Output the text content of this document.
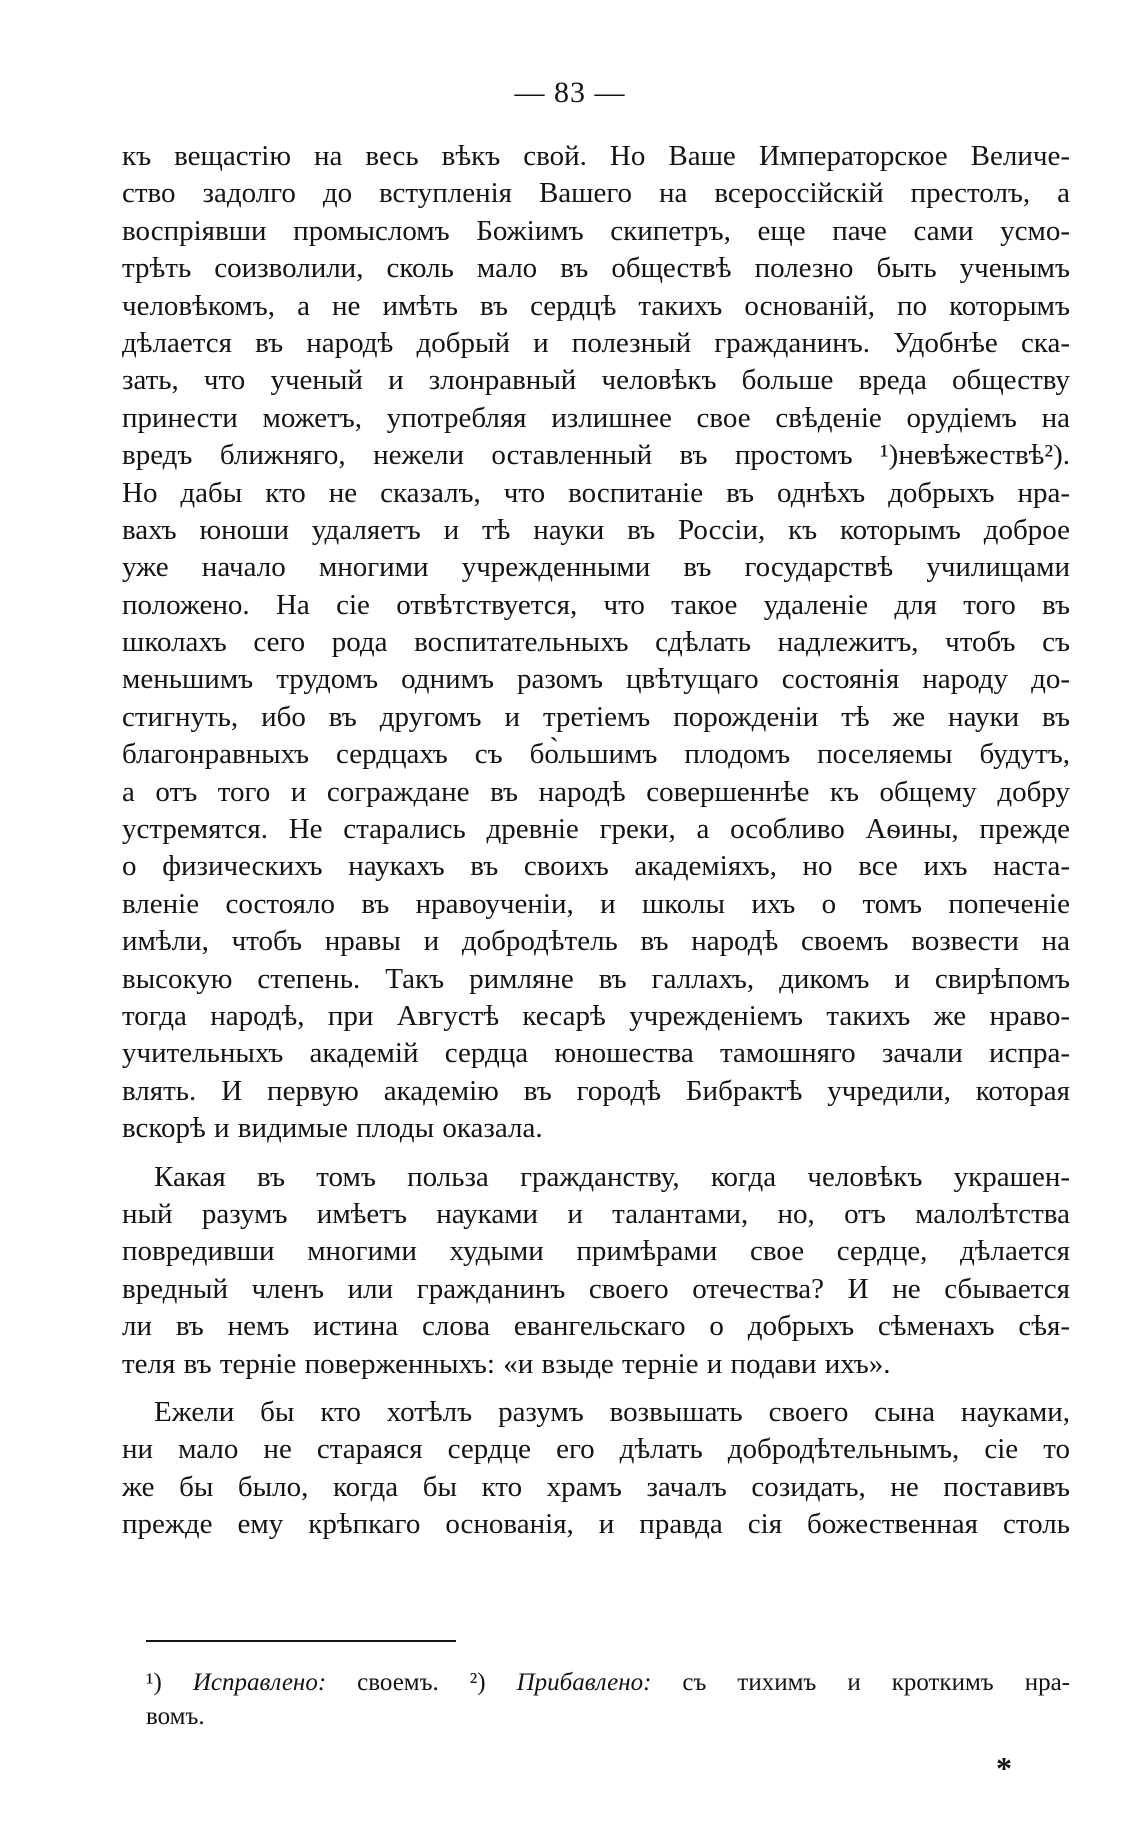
— 83 —
къ вещастію на весь вѣкъ свой. Но Ваше Императорское Величе-
ство задолго до вступленія Вашего на всероссійскій престолъ, а
воспріявши промысломъ Божіимъ скипетръ, еще паче сами усмо-
трѣть соизволили, сколь мало въ обществѣ полезно быть ученымъ
человѣкомъ, а не имѣть въ сердцѣ такихъ основаній, по которымъ
дѣлается въ народѣ добрый и полезный гражданинъ. Удобнѣе ска-
зать, что ученый и злонравный человѣкъ больше вреда обществу
принести можетъ, употребляя излишнее свое свѣденіе орудіемъ на
вредъ ближняго, нежели оставленный въ простомъ ¹)невѣжествѣ²).
Но дабы кто не сказалъ, что воспитаніе въ однѣхъ добрыхъ нра-
вахъ юноши удаляетъ и тѣ науки въ Россіи, къ которымъ доброе
уже начало многими учрежденными въ государствѣ училищами
положено. На сіе отвѣтствуется, что такое удаленіе для того въ
школахъ сего рода воспитательныхъ сдѣлать надлежитъ, чтобъ съ
меньшимъ трудомъ однимъ разомъ цвѣтущаго состоянія народу до-
стигнуть, ибо въ другомъ и третіемъ порожденіи тѣ же науки въ
благонравныхъ сердцахъ съ бо̀льшимъ плодомъ поселяемы будутъ,
а отъ того и сограждане въ народѣ совершеннѣе къ общему добру
устремятся. Не старались древніе греки, а особливо Аѳины, прежде
о физическихъ наукахъ въ своихъ академіяхъ, но все ихъ наста-
вленіе состояло въ нравоученіи, и школы ихъ о томъ попеченіе
имѣли, чтобъ нравы и добродѣтель въ народѣ своемъ возвести на
высокую степень. Такъ римляне въ галлахъ, дикомъ и свирѣпомъ
тогда народѣ, при Августѣ кесарѣ учрежденіемъ такихъ же нраво-
учительныхъ академій сердца юношества тамошняго зачали испра-
влять. И первую академію въ городѣ Бибрактѣ учредили, которая
вскорѣ и видимые плоды оказала.
Какая въ томъ польза гражданству, когда человѣкъ украшен-
ный разумъ имѣетъ науками и талантами, но, отъ малолѣтства
повредивши многими худыми примѣрами свое сердце, дѣлается
вредный членъ или гражданинъ своего отечества? И не сбывается
ли въ немъ истина слова евангельскаго о добрыхъ сѣменахъ сѣя-
теля въ терніе поверженныхъ: «и взыде терніе и подави ихъ».
Ежели бы кто хотѣлъ разумъ возвышать своего сына науками,
ни мало не стараяся сердце его дѣлать добродѣтельнымъ, сіе то
же бы было, когда бы кто храмъ зачалъ созидать, не поставивъ
прежде ему крѣпкаго основанія, и правда сія божественная столь
¹) Исправлено: своемъ. ²) Прибавлено: съ тихимъ и кроткимъ нра-
вомъ.
*
